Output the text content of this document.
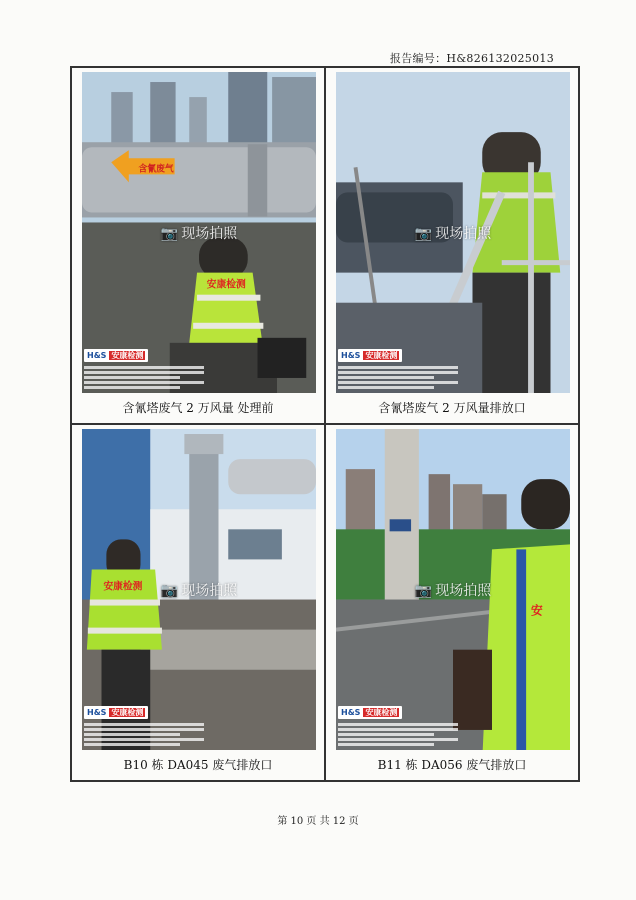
报告编号：H&826132025013
含氰废气
安康检测
📷 现场拍照
H&S 安康检测
含氰塔废气 2 万风量 处理前
📷 现场拍照
H&S 安康检测
含氰塔废气 2 万风量排放口
安康检测 📷 现场拍照
H&S 安康检测
B10 栋 DA045 废气排放口
安
📷 现场拍照
H&S 安康检测
B11 栋 DA056 废气排放口
第 10 页 共 12 页
